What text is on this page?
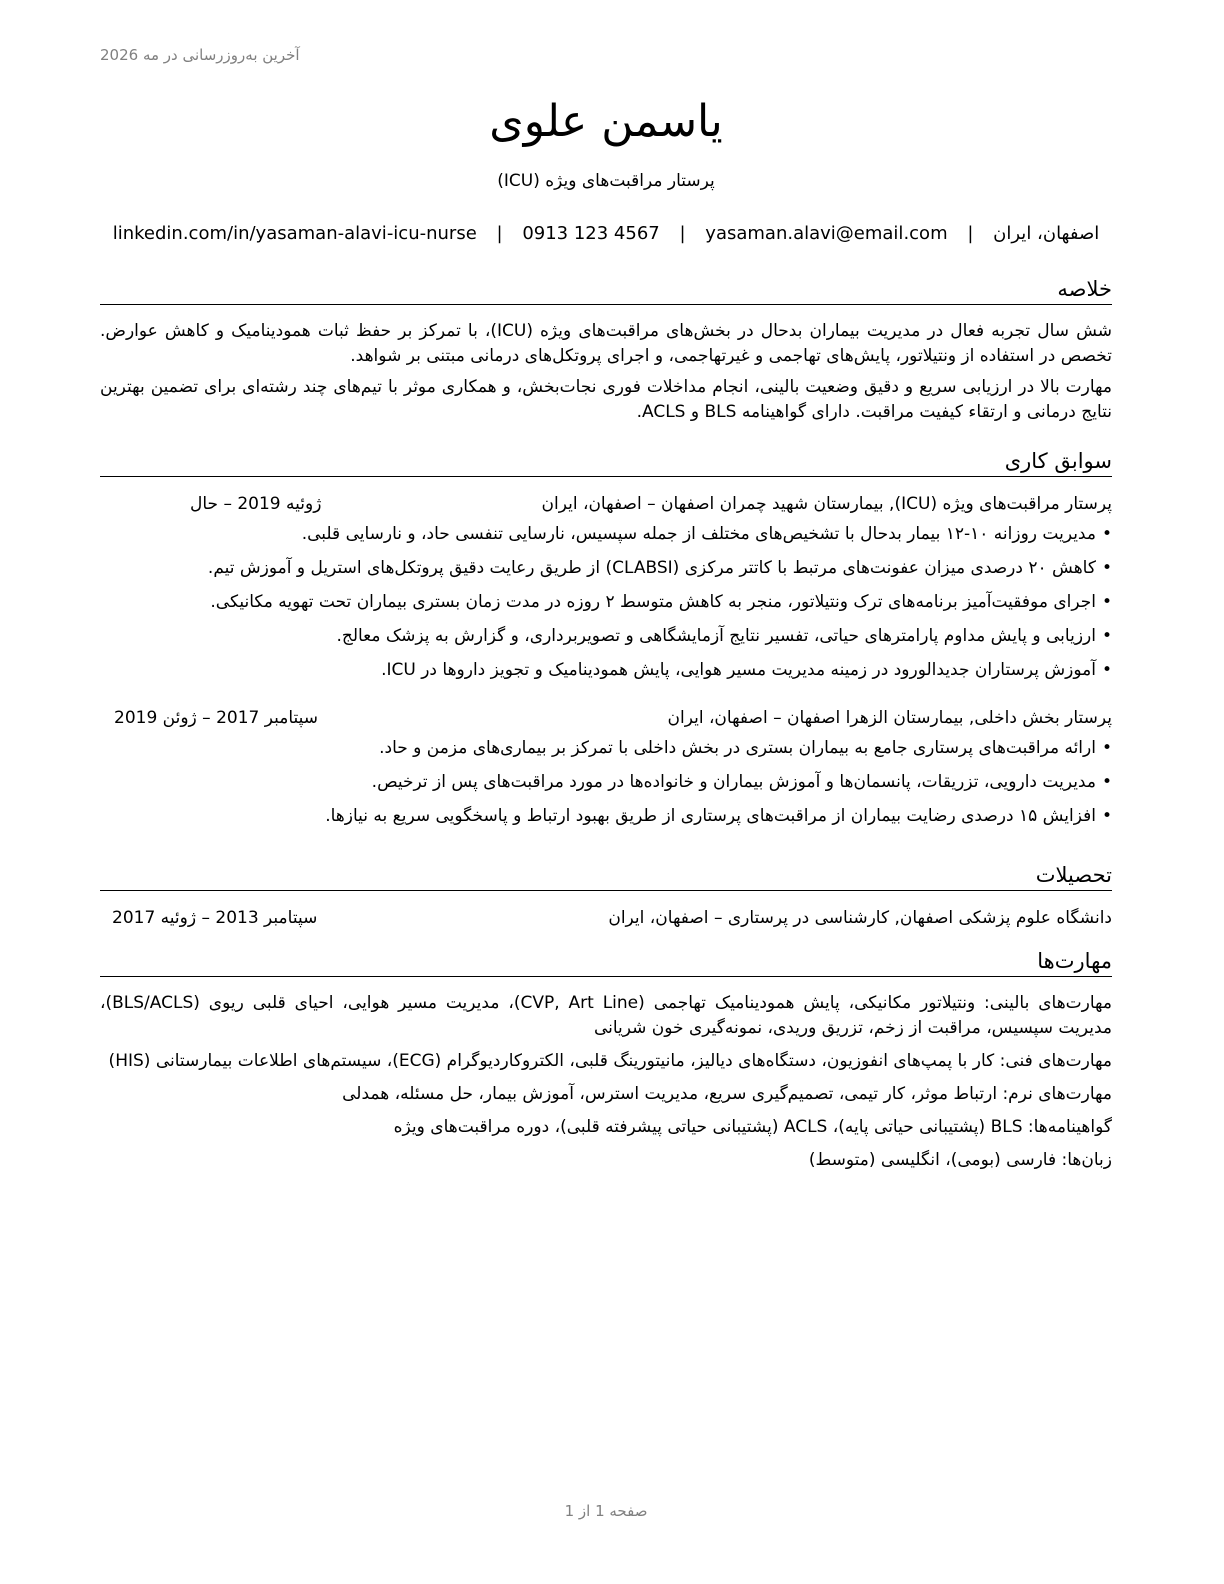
آخرین به‌روزرسانی در مه 2026
یاسمن علوی
پرستار مراقبت‌های ویژه (ICU)
اصفهان، ایران | yasaman.alavi@email.com | 0913 123 4567 | linkedin.com/in/yasaman-alavi-icu-nurse
خلاصه
شش سال تجربه فعال در مدیریت بیماران بدحال در بخش‌های مراقبت‌های ویژه (ICU)، با تمرکز بر حفظ ثبات همودینامیک و کاهش عوارض. تخصص در استفاده از ونتیلاتور، پایش‌های تهاجمی و غیرتهاجمی، و اجرای پروتکل‌های درمانی مبتنی بر شواهد.
مهارت بالا در ارزیابی سریع و دقیق وضعیت بالینی، انجام مداخلات فوری نجات‌بخش، و همکاری موثر با تیم‌های چند رشته‌ای برای تضمین بهترین نتایج درمانی و ارتقاء کیفیت مراقبت. دارای گواهینامه BLS و ACLS.
سوابق کاری
پرستار مراقبت‌های ویژه (ICU), بیمارستان شهید چمران اصفهان – اصفهان، ایران
ژوئیه 2019 – حال
•مدیریت روزانه ۱۰-۱۲ بیمار بدحال با تشخیص‌های مختلف از جمله سپسیس، نارسایی تنفسی حاد، و نارسایی قلبی.
•کاهش ۲۰ درصدی میزان عفونت‌های مرتبط با کاتتر مرکزی (CLABSI) از طریق رعایت دقیق پروتکل‌های استریل و آموزش تیم.
•اجرای موفقیت‌آمیز برنامه‌های ترک ونتیلاتور، منجر به کاهش متوسط ۲ روزه در مدت زمان بستری بیماران تحت تهویه مکانیکی.
•ارزیابی و پایش مداوم پارامترهای حیاتی، تفسیر نتایج آزمایشگاهی و تصویربرداری، و گزارش به پزشک معالج.
•آموزش پرستاران جدیدالورود در زمینه مدیریت مسیر هوایی، پایش همودینامیک و تجویز داروها در ICU.
پرستار بخش داخلی, بیمارستان الزهرا اصفهان – اصفهان، ایران
سپتامبر 2017 – ژوئن 2019
•ارائه مراقبت‌های پرستاری جامع به بیماران بستری در بخش داخلی با تمرکز بر بیماری‌های مزمن و حاد.
•مدیریت دارویی، تزریقات، پانسمان‌ها و آموزش بیماران و خانواده‌ها در مورد مراقبت‌های پس از ترخیص.
•افزایش ۱۵ درصدی رضایت بیماران از مراقبت‌های پرستاری از طریق بهبود ارتباط و پاسخگویی سریع به نیازها.
تحصیلات
دانشگاه علوم پزشکی اصفهان, کارشناسی در پرستاری – اصفهان، ایران
سپتامبر 2013 – ژوئیه 2017
مهارت‌ها
مهارت‌های بالینی: ونتیلاتور مکانیکی، پایش همودینامیک تهاجمی (CVP, Art Line)، مدیریت مسیر هوایی، احیای قلبی ریوی (BLS/ACLS)، مدیریت سپسیس، مراقبت از زخم، تزریق وریدی، نمونه‌گیری خون شریانی
مهارت‌های فنی: کار با پمپ‌های انفوزیون، دستگاه‌های دیالیز، مانیتورینگ قلبی، الکتروکاردیوگرام (ECG)، سیستم‌های اطلاعات بیمارستانی (HIS)
مهارت‌های نرم: ارتباط موثر، کار تیمی، تصمیم‌گیری سریع، مدیریت استرس، آموزش بیمار، حل مسئله، همدلی
گواهینامه‌ها: BLS (پشتیبانی حیاتی پایه)، ACLS (پشتیبانی حیاتی پیشرفته قلبی)، دوره مراقبت‌های ویژه
زبان‌ها: فارسی (بومی)، انگلیسی (متوسط)
صفحه 1 از 1
